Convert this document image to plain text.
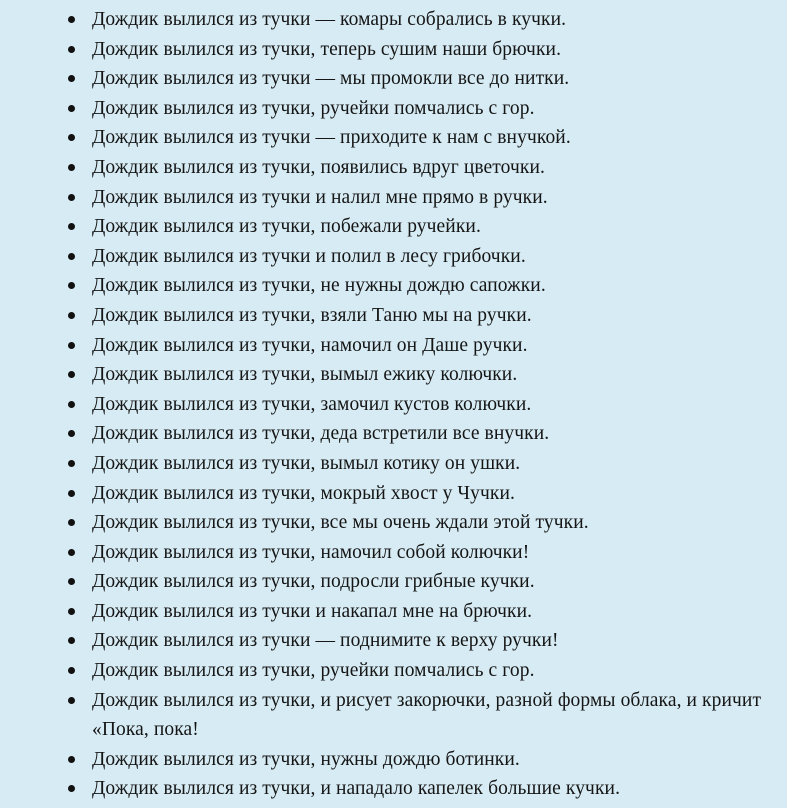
Дождик вылился из тучки — комары собрались в кучки.
Дождик вылился из тучки, теперь сушим наши брючки.
Дождик вылился из тучки — мы промокли все до нитки.
Дождик вылился из тучки, ручейки помчались с гор.
Дождик вылился из тучки — приходите к нам с внучкой.
Дождик вылился из тучки, появились вдруг цветочки.
Дождик вылился из тучки и налил мне прямо в ручки.
Дождик вылился из тучки, побежали ручейки.
Дождик вылился из тучки и полил в лесу грибочки.
Дождик вылился из тучки, не нужны дождю сапожки.
Дождик вылился из тучки, взяли Таню мы на ручки.
Дождик вылился из тучки, намочил он Даше ручки.
Дождик вылился из тучки, вымыл ежику колючки.
Дождик вылился из тучки, замочил кустов колючки.
Дождик вылился из тучки, деда встретили все внучки.
Дождик вылился из тучки, вымыл котику он ушки.
Дождик вылился из тучки, мокрый хвост у Чучки.
Дождик вылился из тучки, все мы очень ждали этой тучки.
Дождик вылился из тучки, намочил собой колючки!
Дождик вылился из тучки, подросли грибные кучки.
Дождик вылился из тучки и накапал мне на брючки.
Дождик вылился из тучки — поднимите к верху ручки!
Дождик вылился из тучки, ручейки помчались с гор.
Дождик вылился из тучки, и рисует закорючки, разной формы облака, и кричит «Пока, пока!
Дождик вылился из тучки, нужны дождю ботинки.
Дождик вылился из тучки, и нападало капелек большие кучки.
